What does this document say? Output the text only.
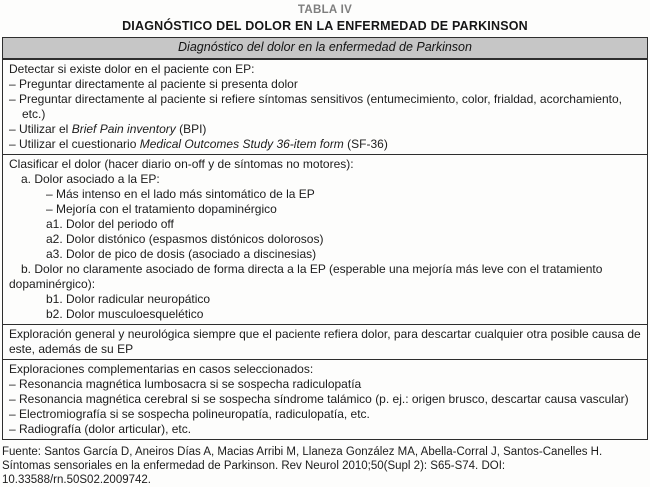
TABLA IV
DIAGNÓSTICO DEL DOLOR EN LA ENFERMEDAD DE PARKINSON
Diagnóstico del dolor en la enfermedad de Parkinson
Detectar si existe dolor en el paciente con EP:
– Preguntar directamente al paciente si presenta dolor
– Preguntar directamente al paciente si refiere síntomas sensitivos (entumecimiento, color, frialdad, acorchamiento, etc.)
– Utilizar el Brief Pain inventory (BPI)
– Utilizar el cuestionario Medical Outcomes Study 36-item form (SF-36)
Clasificar el dolor (hacer diario on-off y de síntomas no motores):
a. Dolor asociado a la EP:
– Más intenso en el lado más sintomático de la EP
– Mejoría con el tratamiento dopaminérgico
a1. Dolor del periodo off
a2. Dolor distónico (espasmos distónicos dolorosos)
a3. Dolor de pico de dosis (asociado a discinesias)
b. Dolor no claramente asociado de forma directa a la EP (esperable una mejoría más leve con el tratamiento dopaminérgico):
b1. Dolor radicular neuropático
b2. Dolor musculoesquelético
Exploración general y neurológica siempre que el paciente refiera dolor, para descartar cualquier otra posible causa de este, además de su EP
Exploraciones complementarias en casos seleccionados:
– Resonancia magnética lumbosacra si se sospecha radiculopatía
– Resonancia magnética cerebral si se sospecha síndrome talámico (p. ej.: origen brusco, descartar causa vascular)
– Electromiografía si se sospecha polineuropatía, radiculopatía, etc.
– Radiografía (dolor articular), etc.
Fuente: Santos García D, Aneiros Días A, Macias Arribi M, Llaneza González MA, Abella-Corral J, Santos-Canelles H. Síntomas sensoriales en la enfermedad de Parkinson. Rev Neurol 2010;50(Supl 2): S65-S74. DOI: 10.33588/rn.50S02.2009742.
